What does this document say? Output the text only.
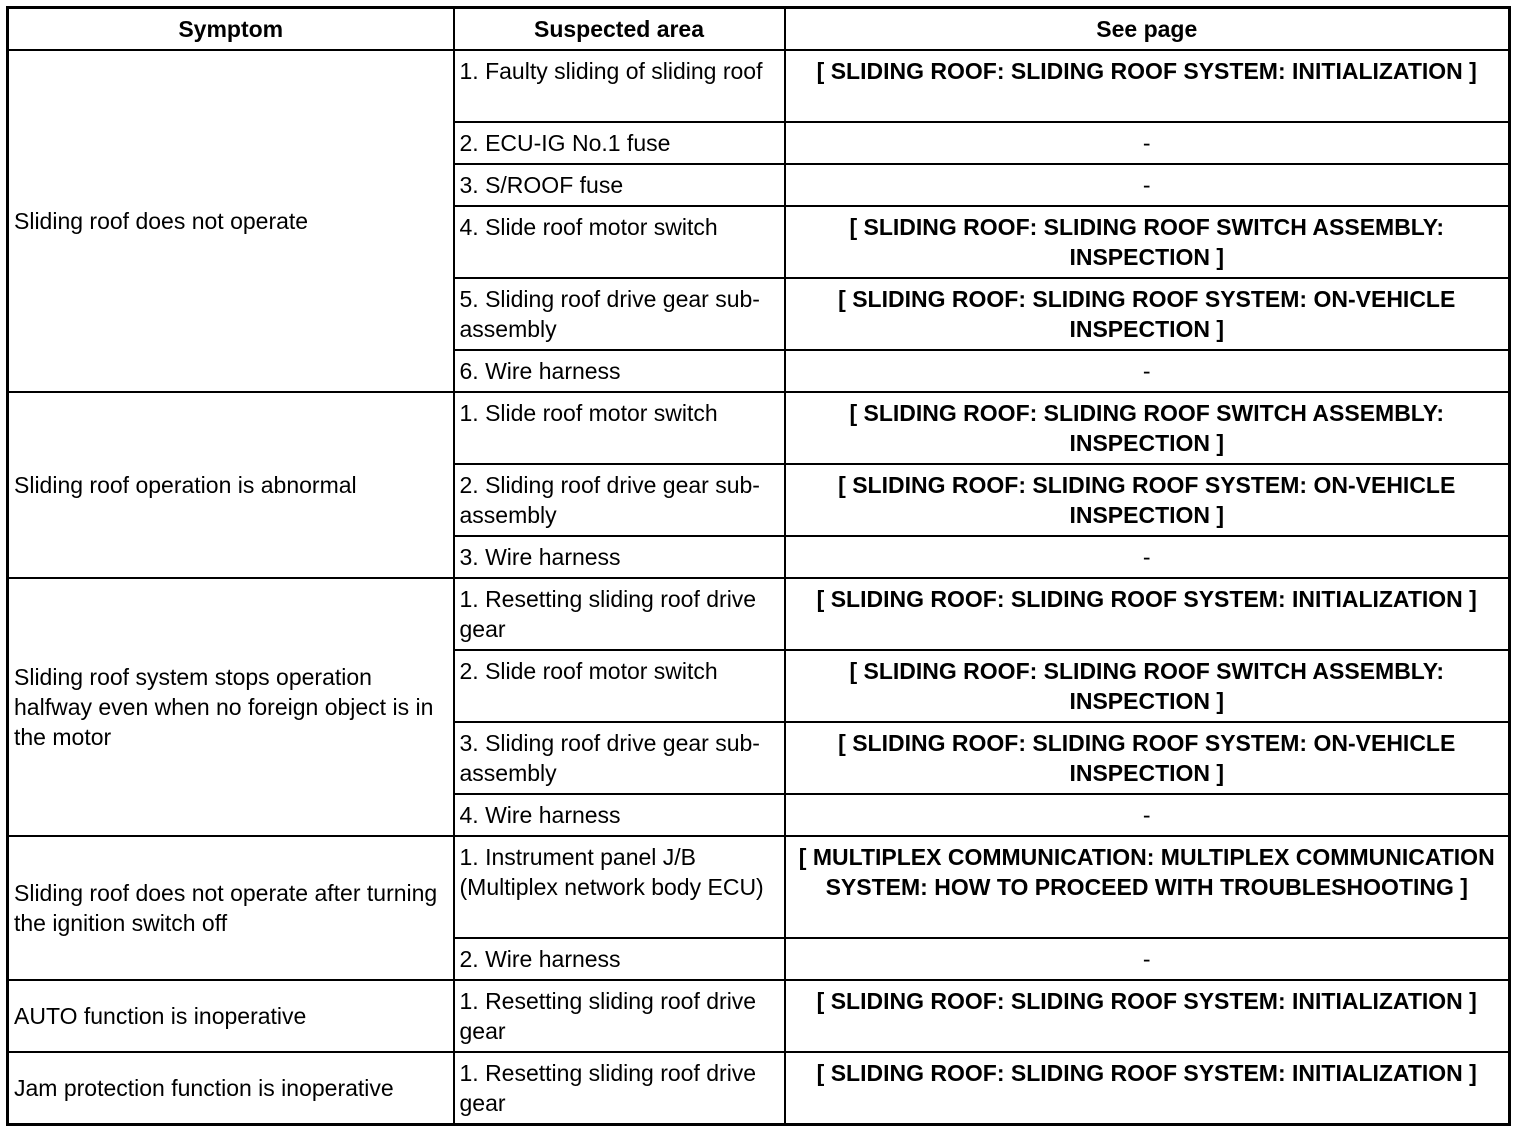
Symptom	Suspected area	See page
Sliding roof does not operate	1. Faulty sliding of sliding roof	[ SLIDING ROOF: SLIDING ROOF SYSTEM: INITIALIZATION ]
	2. ECU-IG No.1 fuse	-
	3. S/ROOF fuse	-
	4. Slide roof motor switch	[ SLIDING ROOF: SLIDING ROOF SWITCH ASSEMBLY: INSPECTION ]
	5. Sliding roof drive gear sub-assembly	[ SLIDING ROOF: SLIDING ROOF SYSTEM: ON-VEHICLE INSPECTION ]
	6. Wire harness	-
Sliding roof operation is abnormal	1. Slide roof motor switch	[ SLIDING ROOF: SLIDING ROOF SWITCH ASSEMBLY: INSPECTION ]
	2. Sliding roof drive gear sub-assembly	[ SLIDING ROOF: SLIDING ROOF SYSTEM: ON-VEHICLE INSPECTION ]
	3. Wire harness	-
Sliding roof system stops operation halfway even when no foreign object is in the motor	1. Resetting sliding roof drive gear	[ SLIDING ROOF: SLIDING ROOF SYSTEM: INITIALIZATION ]
	2. Slide roof motor switch	[ SLIDING ROOF: SLIDING ROOF SWITCH ASSEMBLY: INSPECTION ]
	3. Sliding roof drive gear sub-assembly	[ SLIDING ROOF: SLIDING ROOF SYSTEM: ON-VEHICLE INSPECTION ]
	4. Wire harness	-
Sliding roof does not operate after turning the ignition switch off	1. Instrument panel J/B (Multiplex network body ECU)	[ MULTIPLEX COMMUNICATION: MULTIPLEX COMMUNICATION SYSTEM: HOW TO PROCEED WITH TROUBLESHOOTING ]
	2. Wire harness	-
AUTO function is inoperative	1. Resetting sliding roof drive gear	[ SLIDING ROOF: SLIDING ROOF SYSTEM: INITIALIZATION ]
Jam protection function is inoperative	1. Resetting sliding roof drive gear	[ SLIDING ROOF: SLIDING ROOF SYSTEM: INITIALIZATION ]
